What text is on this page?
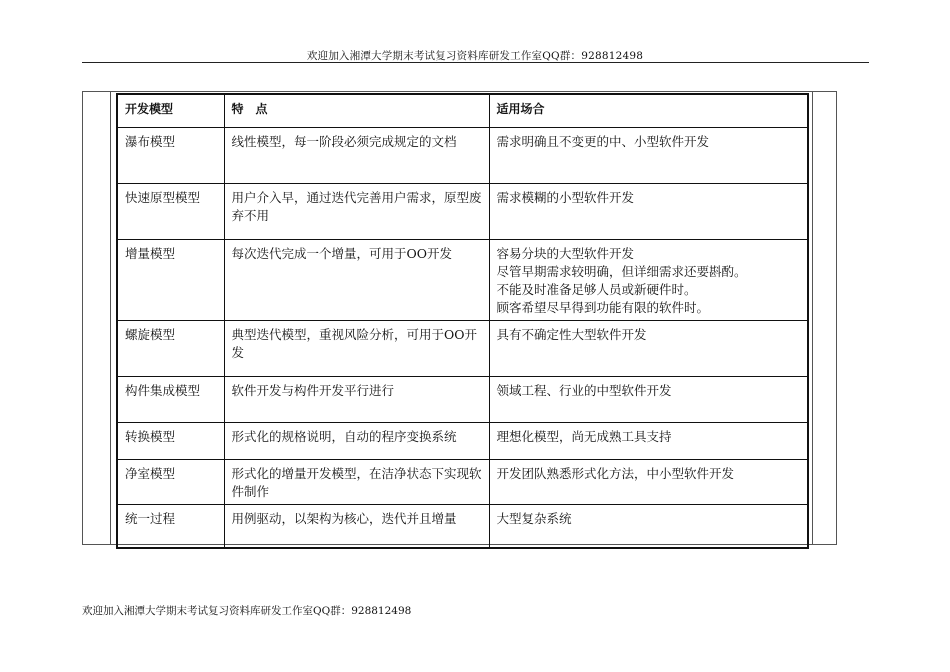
欢迎加入湘潭大学期末考试复习资料库研发工作室QQ群：928812498
开发模型	特　点	适用场合
瀑布模型	线性模型，每一阶段必须完成规定的文档	需求明确且不变更的中、小型软件开发

快速原型模型	用户介入早，通过迭代完善用户需求，原型废弃不用	需求模糊的小型软件开发

增量模型	每次迭代完成一个增量，可用于OO开发	容易分块的大型软件开发
尽管早期需求较明确，但详细需求还要斟酌。
不能及时准备足够人员或新硬件时。
顾客希望尽早得到功能有限的软件时。

螺旋模型	典型迭代模型，重视风险分析，可用于OO开发	具有不确定性大型软件开发

构件集成模型	软件开发与构件开发平行进行	领域工程、行业的中型软件开发

转换模型	形式化的规格说明，自动的程序变换系统	理想化模型，尚无成熟工具支持

净室模型	形式化的增量开发模型，在洁净状态下实现软件制作	开发团队熟悉形式化方法，中小型软件开发

统一过程	用例驱动，以架构为核心，迭代并且增量	大型复杂系统
欢迎加入湘潭大学期末考试复习资料库研发工作室QQ群：928812498
